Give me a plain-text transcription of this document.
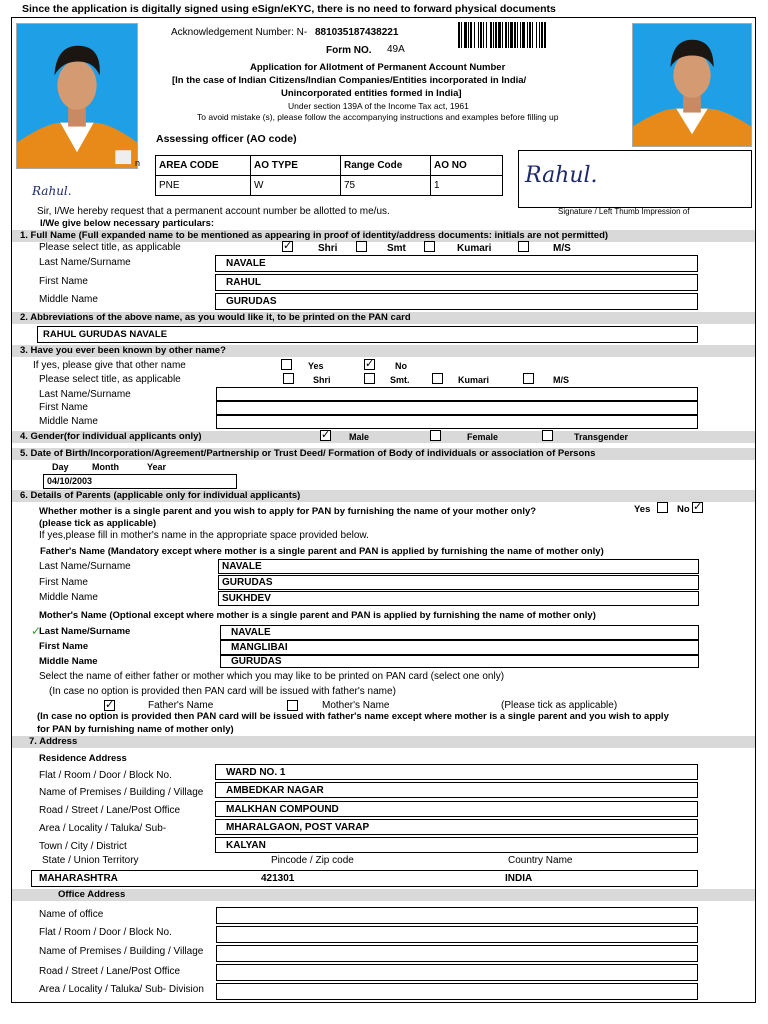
Since the application is digitally signed using eSign/eKYC, there is no need to forward physical documents
n
Acknowledgement Number: N- 881035187438221
Form NO. 49A
Application for Allotment of Permanent Account Number
[In the case of Indian Citizens/Indian Companies/Entities incorporated in India/
Unincorporated entities formed in India]
Under section 139A of the Income Tax act, 1961
To avoid mistake (s), please follow the accompanying instructions and examples before filling up
Assessing officer (AO code)
AREA CODE	AO TYPE	Range Code	AO NO
PNE	W	75	1	Rahul.
Signature / Left Thumb Impression of
Rahul.
Sir, I/We hereby request that a permanent account number be allotted to me/us.
I/We give below necessary particulars:
1. Full Name (Full expanded name to be mentioned as appearing in proof of identity/address documents: initials are not permitted)
Please select title, as applicable	✓	Shri	Smt	Kumari	M/S
Last Name/Surname	NAVALE
First Name	RAHUL
Middle Name	GURUDAS
2. Abbreviations of the above name, as you would like it, to be printed on the PAN card
RAHUL GURUDAS NAVALE
3. Have you ever been known by other name?
If yes, please give that other name	Yes	✓ No
Please select title, as applicable	Shri	Smt.	Kumari	M/S
Last Name/Surname
First Name
Middle Name
4. Gender(for individual applicants only)	✓ Male	Female	Transgender
5. Date of Birth/Incorporation/Agreement/Partnership or Trust Deed/ Formation of Body of individuals or association of Persons
Day	Month	Year
04/10/2003
6. Details of Parents (applicable only for individual applicants)
Whether mother is a single parent and you wish to apply for PAN by furnishing the name of your mother only?
(please tick as applicable)
Yes	No ✓
If yes,please fill in mother's name in the appropriate space provided below.
Father's Name (Mandatory except where mother is a single parent and PAN is applied by furnishing the name of mother only)
Last Name/Surname	NAVALE
First Name	GURUDAS
Middle Name	SUKHDEV
Mother's Name (Optional except where mother is a single parent and PAN is applied by furnishing the name of mother only)
✓
Last Name/Surname	NAVALE
First Name	MANGLIBAI
Middle Name	GURUDAS
Select the name of either father or mother which you may like to be printed on PAN card (select one only)
(In case no option is provided then PAN card will be issued with father's name)
✓	Father's Name	Mother's Name	(Please tick as applicable)
(In case no option is provided then PAN card will be issued with father's name except where mother is a single parent and you wish to apply
for PAN by furnishing name of mother only)
7. Address
Residence Address
Flat / Room / Door / Block No.	WARD NO. 1
Name of Premises / Building / Village	AMBEDKAR NAGAR
Road / Street / Lane/Post Office	MALKHAN COMPOUND
Area / Locality / Taluka/ Sub-	MHARALGAON, POST VARAP
Town / City / District	KALYAN
State / Union Territory	Pincode / Zip code	Country Name
MAHARASHTRA	421301	INDIA
Office Address
Name of office
Flat / Room / Door / Block No.
Name of Premises / Building / Village
Road / Street / Lane/Post Office
Area / Locality / Taluka/ Sub- Division
